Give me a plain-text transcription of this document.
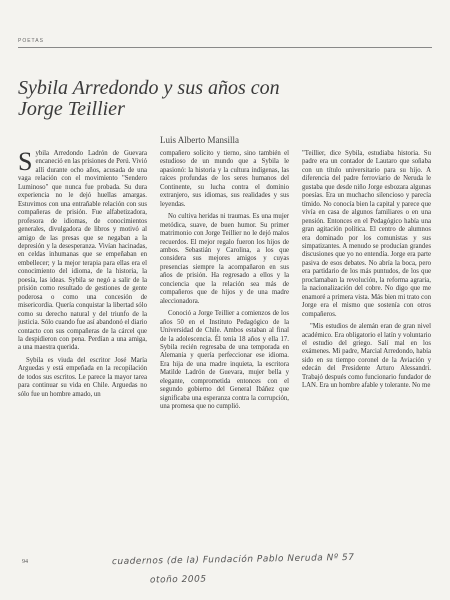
POETAS
Sybila Arredondo y sus años con Jorge Teillier
Luis Alberto Mansilla

Sybila Arredondo Ladrón de Guevara encaneció en las prisiones de Perú. Vivió allí durante ocho años, acusada de una vaga relación con el movimiento "Sendero Luminoso" que nunca fue probada. Su dura experiencia no le dejó huellas amargas. Estuvimos con una entrañable relación con sus compañeras de prisión. Fue alfabetizadora, profesora de idiomas, de conocimientos generales, divulgadora de libros y motivó al amigo de las presas que se negaban a la depresión y la desesperanza. Vivían hacinadas, en celdas inhumanas que se empeñaban en embellecer; y la mejor terapia para ellas era el conocimiento del idioma, de la historia, la poesía, las ideas. Sybila se negó a salir de la prisión como resultado de gestiones de gente poderosa o como una concesión de misericordia. Quería conquistar la libertad sólo como su derecho natural y del triunfo de la justicia. Sólo cuando fue así abandonó el diario contacto con sus compañeras de la cárcel que la despidieron con pena. Perdían a una amiga, a una maestra querida.

Sybila es viuda del escritor José María Arguedas y está empeñada en la recopilación de todos sus escritos. Le parece la mayor tarea para continuar su vida en Chile. Arguedas no sólo fue un hombre amado, un

compañero solícito y tierno, sino también el estudioso de un mundo que a Sybila le apasionó: la historia y la cultura indígenas, las raíces profundas de los seres humanos del Continente, su lucha contra el dominio extranjero, sus idiomas, sus realidades y sus leyendas.

No cultiva heridas ni traumas. Es una mujer metódica, suave, de buen humor. Su primer matrimonio con Jorge Teillier no le dejó malos recuerdos. El mejor regalo fueron los hijos de ambos. Sebastián y Carolina, a los que considera sus mejores amigos y cuyas presencias siempre la acompañaron en sus años de prisión. Ha regresado a ellos y la conciencia que la relación sea más de compañeros que de hijos y de una madre aleccionadora.

Conoció a Jorge Teillier a comienzos de los años 50 en el Instituto Pedagógico de la Universidad de Chile. Ambos estaban al final de la adolescencia. Él tenía 18 años y ella 17. Sybila recién regresaba de una temporada en Alemania y quería perfeccionar ese idioma. Era hija de una madre inquieta, la escritora Matilde Ladrón de Guevara, mujer bella y elegante, comprometida entonces con el segundo gobierno del General Ibáñez que significaba una esperanza contra la corrupción, una promesa que no cumplió.

"Teillier, dice Sybila, estudiaba historia. Su padre era un contador de Lautaro que soñaba con un título universitario para su hijo. A diferencia del padre ferroviario de Neruda le gustaba que desde niño Jorge esbozara algunas poesías. Era un muchacho silencioso y parecía tímido. No conocía bien la capital y parece que vivía en casa de algunos familiares o en una pensión. Entonces en el Pedagógico había una gran agitación política. El centro de alumnos era dominado por los comunistas y sus simpatizantes. A menudo se producían grandes discusiones que yo no entendía. Jorge era parte pasiva de esos debates. No abría la boca, pero era partidario de los más puntudos, de los que proclamaban la revolución, la reforma agraria, la nacionalización del cobre. No digo que me enamoré a primera vista. Más bien mi trato con Jorge era el mismo que sostenía con otros compañeros.

"Mis estudios de alemán eran de gran nivel académico. Era obligatorio el latín y voluntario el estudio del griego. Salí mal en los exámenes. Mi padre, Marcial Arredondo, había sido en su tiempo coronel de la Aviación y edecán del Presidente Arturo Alessandri. Trabajó después como funcionario fundador de LAN. Era un hombre afable y tolerante. No me

94	cuadernos (de la) Fundación Pablo Neruda Nº 57
otoño 2005
